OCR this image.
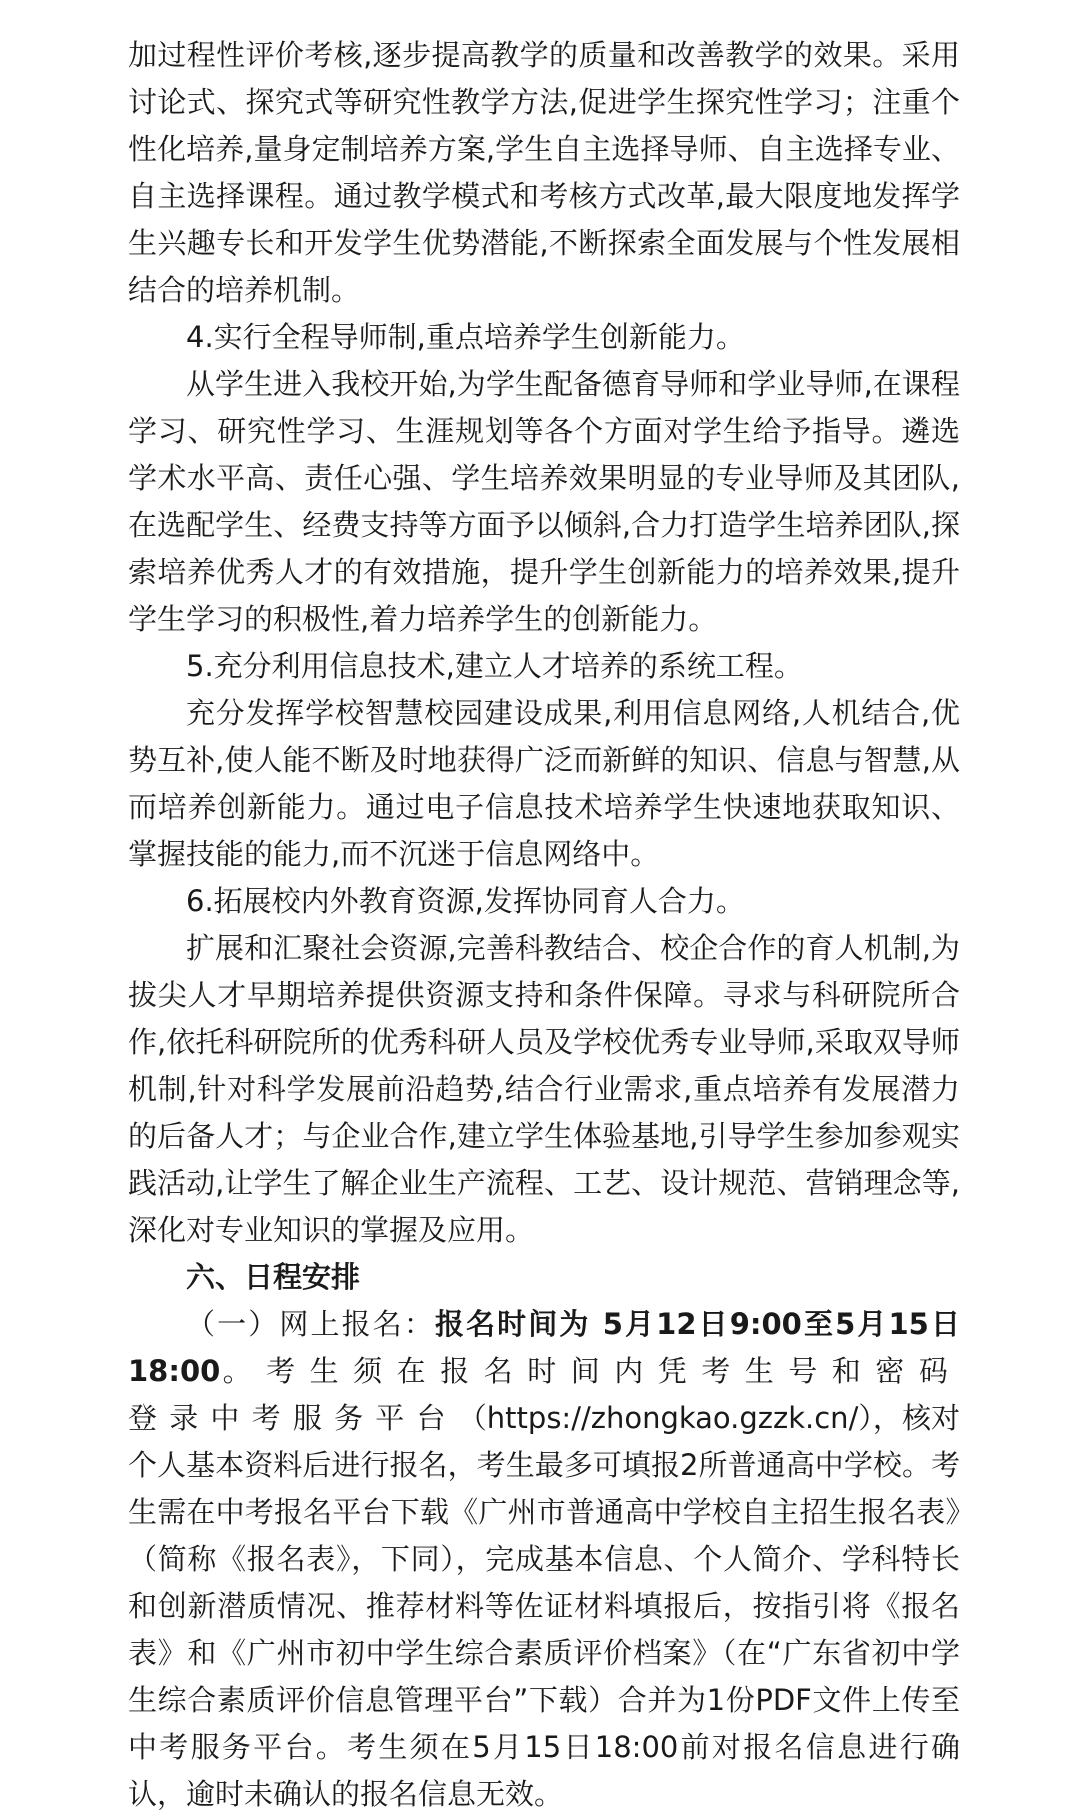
加过程性评价考核,逐步提高教学的质量和改善教学的效果。采用讨论式、探究式等研究性教学方法,促进学生探究性学习；注重个性化培养,量身定制培养方案,学生自主选择导师、自主选择专业、自主选择课程。通过教学模式和考核方式改革,最大限度地发挥学生兴趣专长和开发学生优势潜能,不断探索全面发展与个性发展相结合的培养机制。

4.实行全程导师制,重点培养学生创新能力。

从学生进入我校开始,为学生配备德育导师和学业导师,在课程学习、研究性学习、生涯规划等各个方面对学生给予指导。遴选学术水平高、责任心强、学生培养效果明显的专业导师及其团队,在选配学生、经费支持等方面予以倾斜,合力打造学生培养团队,探索培养优秀人才的有效措施，提升学生创新能力的培养效果,提升学生学习的积极性,着力培养学生的创新能力。

5.充分利用信息技术,建立人才培养的系统工程。

充分发挥学校智慧校园建设成果,利用信息网络,人机结合,优势互补,使人能不断及时地获得广泛而新鲜的知识、信息与智慧,从而培养创新能力。通过电子信息技术培养学生快速地获取知识、掌握技能的能力,而不沉迷于信息网络中。

6.拓展校内外教育资源,发挥协同育人合力。

扩展和汇聚社会资源,完善科教结合、校企合作的育人机制,为拔尖人才早期培养提供资源支持和条件保障。寻求与科研院所合作,依托科研院所的优秀科研人员及学校优秀专业导师,采取双导师机制,针对科学发展前沿趋势,结合行业需求,重点培养有发展潜力的后备人才；与企业合作,建立学生体验基地,引导学生参加参观实践活动,让学生了解企业生产流程、工艺、设计规范、营销理念等,深化对专业知识的掌握及应用。

六、日程安排

（一）网上报名：报名时间为 5月12日9:00至5月15日18:00。考生须在报名时间内凭考生号和密码登录中考服务平台（https://zhongkao.gzzk.cn/），核对个人基本资料后进行报名，考生最多可填报2所普通高中学校。考生需在中考报名平台下载《广州市普通高中学校自主招生报名表》（简称《报名表》，下同），完成基本信息、个人简介、学科特长和创新潜质情况、推荐材料等佐证材料填报后，按指引将《报名表》和《广州市初中学生综合素质评价档案》（在“广东省初中学生综合素质评价信息管理平台”下载）合并为1份PDF文件上传至中考服务平台。考生须在5月15日18:00前对报名信息进行确认，逾时未确认的报名信息无效。
